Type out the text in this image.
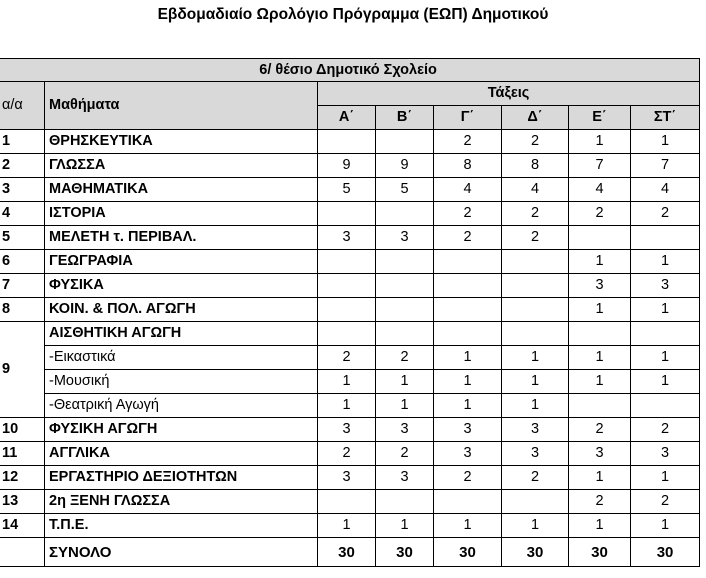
Εβδομαδιαίο Ωρολόγιο Πρόγραμμα (ΕΩΠ) Δημοτικού
6/ θέσιο Δημοτικό Σχολείο							
α/α	Μαθήματα	Τάξεις					
		Α΄	Β΄	Γ΄	Δ΄	Ε΄	ΣΤ΄
1	ΘΡΗΣΚΕΥΤΙΚΑ			2	2	1	1
2	ΓΛΩΣΣΑ	9	9	8	8	7	7
3	ΜΑΘΗΜΑΤΙΚΑ	5	5	4	4	4	4
4	ΙΣΤΟΡΙΑ			2	2	2	2
5	ΜΕΛΕΤΗ τ. ΠΕΡΙΒΑΛ.	3	3	2	2		
6	ΓΕΩΓΡΑΦΙΑ					1	1
7	ΦΥΣΙΚΑ					3	3
8	ΚΟΙΝ. & ΠΟΛ. ΑΓΩΓΗ					1	1
9	ΑΙΣΘΗΤΙΚΗ ΑΓΩΓΗ						
	-Εικαστικά	2	2	1	1	1	1
	-Μουσική	1	1	1	1	1	1
	-Θεατρική Αγωγή	1	1	1	1		
10	ΦΥΣΙΚΗ ΑΓΩΓΗ	3	3	3	3	2	2
11	ΑΓΓΛΙΚΑ	2	2	3	3	3	3
12	ΕΡΓΑΣΤΗΡΙΟ ΔΕΞΙΟΤΗΤΩΝ	3	3	2	2	1	1
13	2η ΞΕΝΗ ΓΛΩΣΣΑ					2	2
14	Τ.Π.Ε.	1	1	1	1	1	1
	ΣΥΝΟΛΟ	30	30	30	30	30	30
